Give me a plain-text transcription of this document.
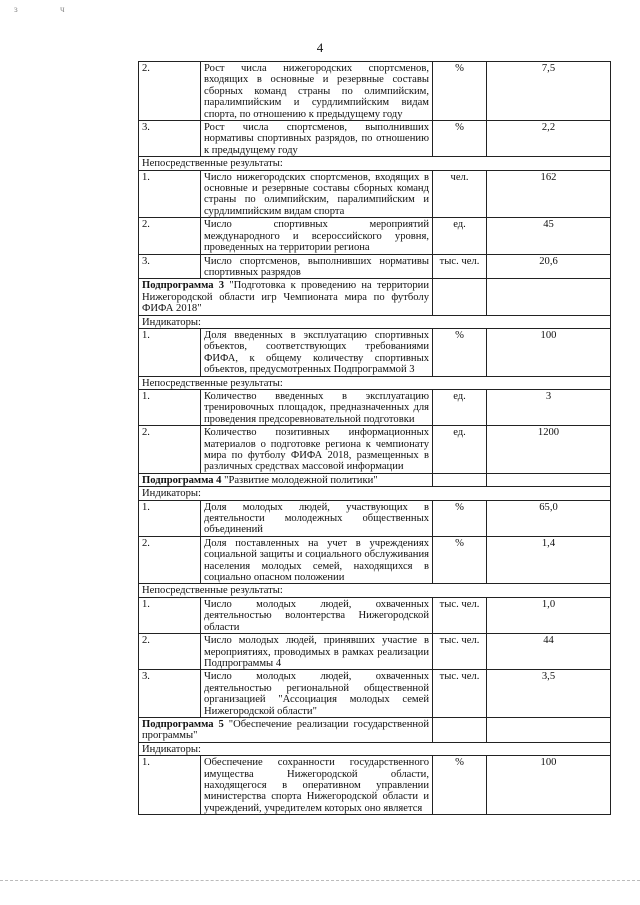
ɜ ч
4
2.	Рост числа нижегородских спортсменов, входящих в основные и резервные составы сборных команд страны по олимпийским, паралимпийским и сурдлимпийским видам спорта, по отношению к предыдущему году	%	7,5
3.	Рост числа спортсменов, выполнивших нормативы спортивных разрядов, по отношению к предыдущему году	%	2,2
Непосредственные результаты:			
1.	Число нижегородских спортсменов, входящих в основные и резервные составы сборных команд страны по олимпийским, паралимпийским и сурдлимпийским видам спорта	чел.	162
2.	Число спортивных мероприятий международного и всероссийского уровня, проведенных на территории региона	ед.	45
3.	Число спортсменов, выполнивших нормативы спортивных разрядов	тыс. чел.	20,6
Подпрограмма 3 "Подготовка к проведению на территории Нижегородской области игр Чемпионата мира по футболу ФИФА 2018"			
Индикаторы:			
1.	Доля введенных в эксплуатацию спортивных объектов, соответствующих требованиями ФИФА, к общему количеству спортивных объектов, предусмотренных Подпрограммой 3	%	100
Непосредственные результаты:			
1.	Количество введенных в эксплуатацию тренировочных площадок, предназначенных для проведения предсоревновательной подготовки	ед.	3
2.	Количество позитивных информационных материалов о подготовке региона к чемпионату мира по футболу ФИФА 2018, размещенных в различных средствах массовой информации	ед.	1200
Подпрограмма 4 "Развитие молодежной политики"			
Индикаторы:			
1.	Доля молодых людей, участвующих в деятельности молодежных общественных объединений	%	65,0
2.	Доля поставленных на учет в учреждениях социальной защиты и социального обслуживания населения молодых семей, находящихся в социально опасном положении	%	1,4
Непосредственные результаты:			
1.	Число молодых людей, охваченных деятельностью волонтерства Нижегородской области	тыс. чел.	1,0
2.	Число молодых людей, принявших участие в мероприятиях, проводимых в рамках реализации Подпрограммы 4	тыс. чел.	44
3.	Число молодых людей, охваченных деятельностью региональной общественной организацией "Ассоциация молодых семей Нижегородской области"	тыс. чел.	3,5
Подпрограмма 5 "Обеспечение реализации государственной программы"			
Индикаторы:			
1.	Обеспечение сохранности государственного имущества Нижегородской области, находящегося в оперативном управлении министерства спорта Нижегородской области и учреждений, учредителем которых оно является	%	100
